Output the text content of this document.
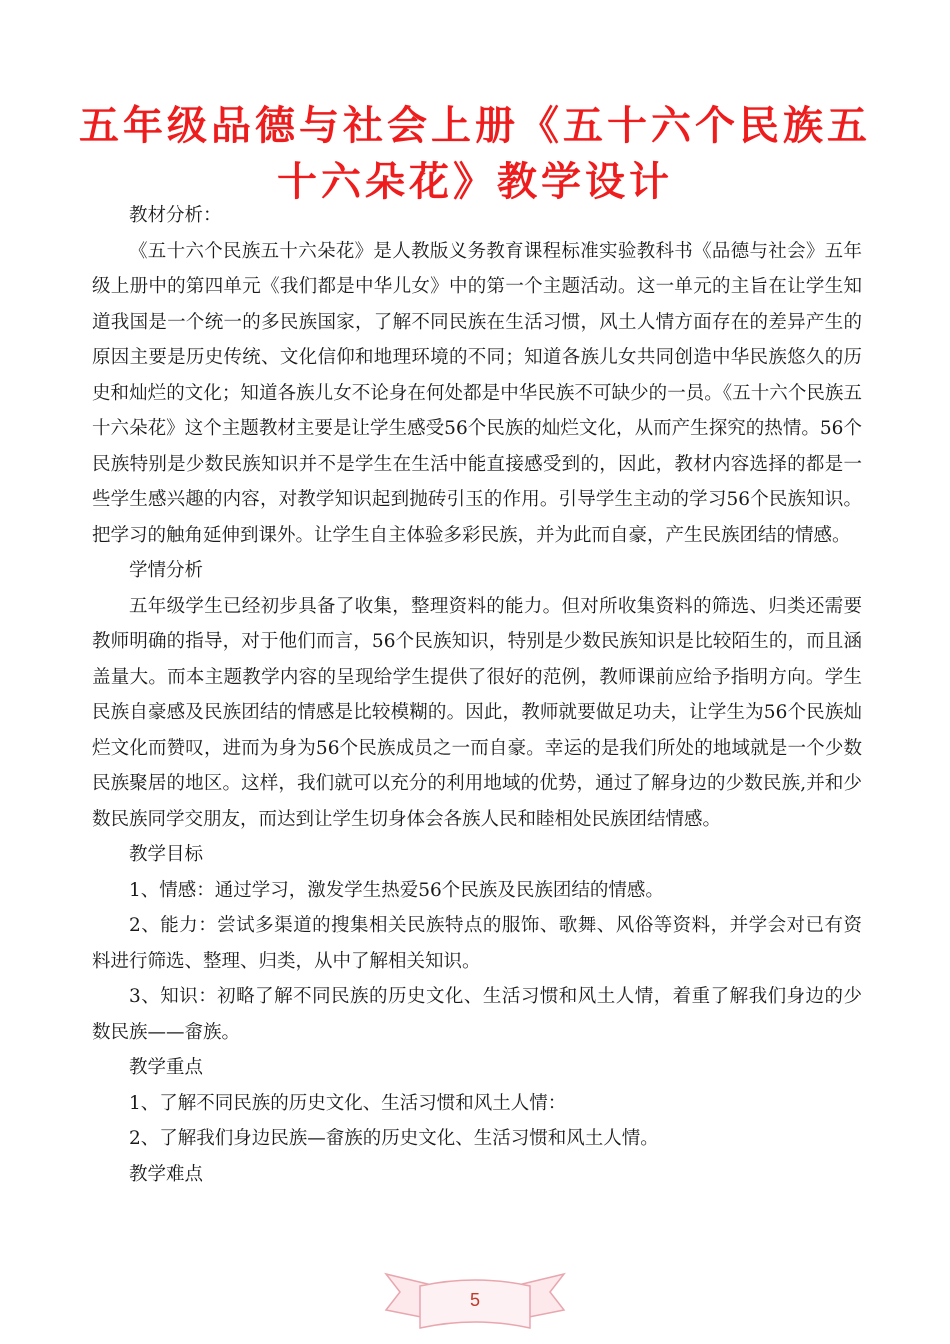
五年级品德与社会上册《五十六个民族五十六朵花》教学设计

教材分析：

《五十六个民族五十六朵花》是人教版义务教育课程标准实验教科书《品德与社会》五年级上册中的第四单元《我们都是中华儿女》中的第一个主题活动。这一单元的主旨在让学生知道我国是一个统一的多民族国家，了解不同民族在生活习惯，风土人情方面存在的差异产生的原因主要是历史传统、文化信仰和地理环境的不同；知道各族儿女共同创造中华民族悠久的历史和灿烂的文化；知道各族儿女不论身在何处都是中华民族不可缺少的一员。《五十六个民族五十六朵花》这个主题教材主要是让学生感受56个民族的灿烂文化，从而产生探究的热情。56个民族特别是少数民族知识并不是学生在生活中能直接感受到的，因此，教材内容选择的都是一些学生感兴趣的内容，对教学知识起到抛砖引玉的作用。引导学生主动的学习56个民族知识。把学习的触角延伸到课外。让学生自主体验多彩民族，并为此而自豪，产生民族团结的情感。

学情分析

五年级学生已经初步具备了收集，整理资料的能力。但对所收集资料的筛选、归类还需要教师明确的指导，对于他们而言，56个民族知识，特别是少数民族知识是比较陌生的，而且涵盖量大。而本主题教学内容的呈现给学生提供了很好的范例，教师课前应给予指明方向。学生民族自豪感及民族团结的情感是比较模糊的。因此，教师就要做足功夫，让学生为56个民族灿烂文化而赞叹，进而为身为56个民族成员之一而自豪。幸运的是我们所处的地域就是一个少数民族聚居的地区。这样，我们就可以充分的利用地域的优势，通过了解身边的少数民族,并和少数民族同学交朋友，而达到让学生切身体会各族人民和睦相处民族团结情感。

教学目标

1、情感：通过学习，激发学生热爱56个民族及民族团结的情感。

2、能力：尝试多渠道的搜集相关民族特点的服饰、歌舞、风俗等资料，并学会对已有资料进行筛选、整理、归类，从中了解相关知识。

3、知识：初略了解不同民族的历史文化、生活习惯和风土人情，着重了解我们身边的少数民族——畲族。

教学重点

1、了解不同民族的历史文化、生活习惯和风土人情：

2、了解我们身边民族—畲族的历史文化、生活习惯和风土人情。

教学难点

5
